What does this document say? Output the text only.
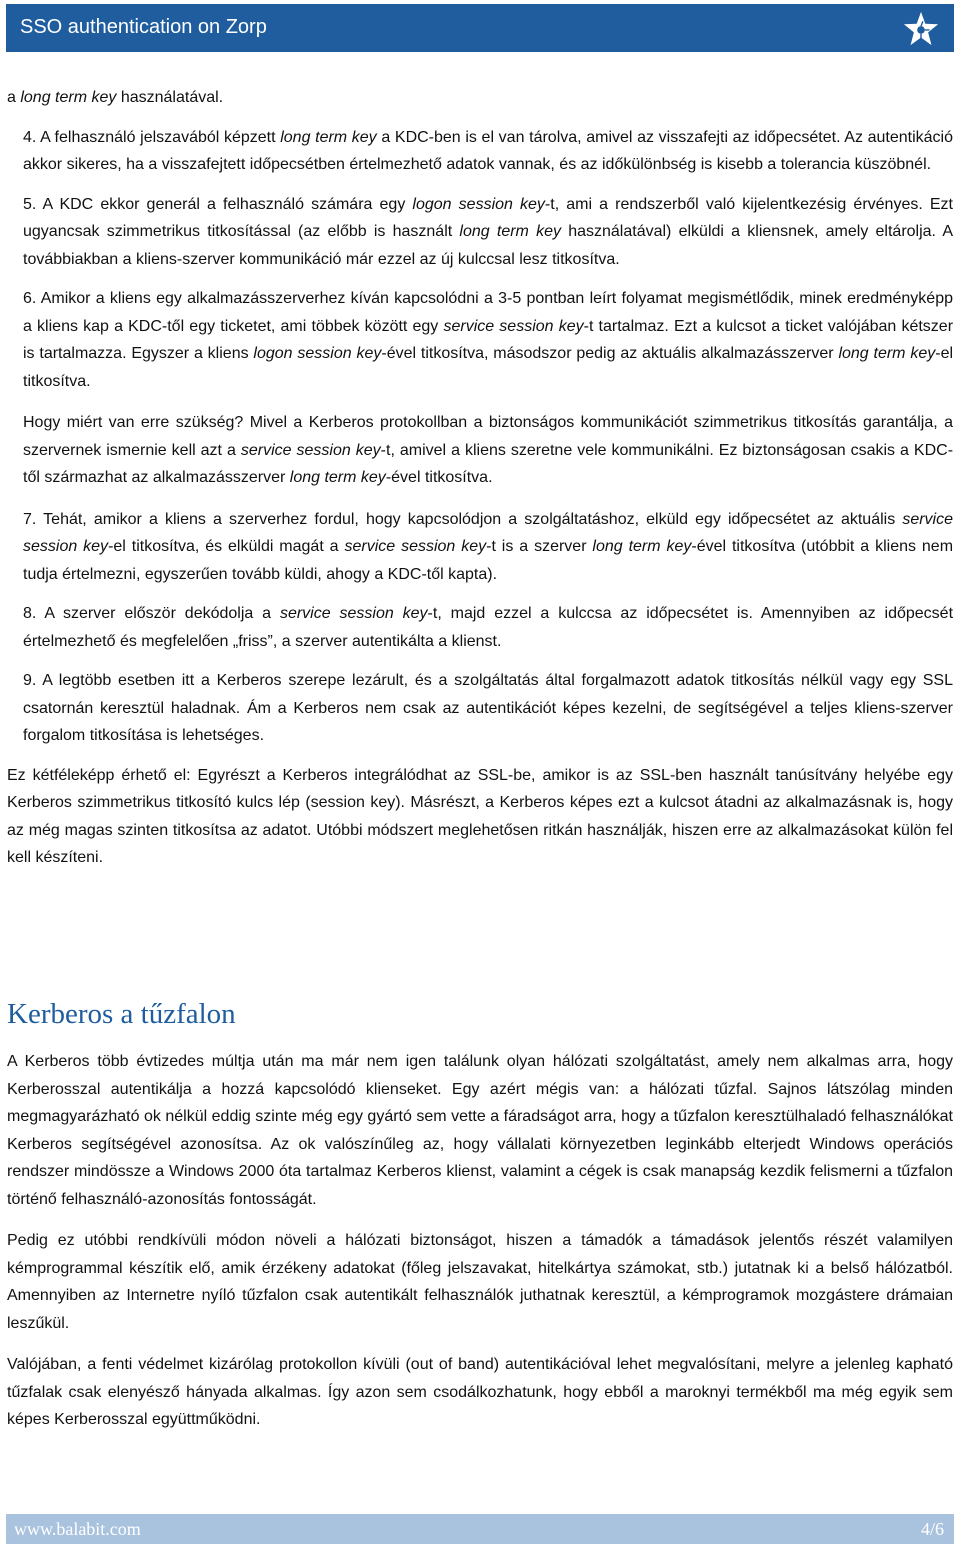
SSO authentication on Zorp

a long term key használatával.

4. A felhasználó jelszavából képzett long term key a KDC-ben is el van tárolva, amivel az visszafejti az időpecsétet. Az autentikáció akkor sikeres, ha a visszafejtett időpecsétben értelmezhető adatok vannak, és az időkülönbség is kisebb a tolerancia küszöbnél.

5. A KDC ekkor generál a felhasználó számára egy logon session key-t, ami a rendszerből való kijelentkezésig érvényes. Ezt ugyancsak szimmetrikus titkosítással (az előbb is használt long term key használatával) elküldi a kliensnek, amely eltárolja. A továbbiakban a kliens-szerver kommunikáció már ezzel az új kulccsal lesz titkosítva.

6. Amikor a kliens egy alkalmazásszerverhez kíván kapcsolódni a 3-5 pontban leírt folyamat megismétlődik, minek eredményképp a kliens kap a KDC-től egy ticketet, ami többek között egy service session key-t tartalmaz. Ezt a kulcsot a ticket valójában kétszer is tartalmazza. Egyszer a kliens logon session key-ével titkosítva, másodszor pedig az aktuális alkalmazásszerver long term key-el titkosítva.

Hogy miért van erre szükség? Mivel a Kerberos protokollban a biztonságos kommunikációt szimmetrikus titkosítás garantálja, a szervernek ismernie kell azt a service session key-t, amivel a kliens szeretne vele kommunikálni. Ez biztonságosan csakis a KDC-től származhat az alkalmazásszerver long term key-ével titkosítva.

7. Tehát, amikor a kliens a szerverhez fordul, hogy kapcsolódjon a szolgáltatáshoz, elküld egy időpecsétet az aktuális service session key-el titkosítva, és elküldi magát a service session key-t is a szerver long term key-ével titkosítva (utóbbit a kliens nem tudja értelmezni, egyszerűen tovább küldi, ahogy a KDC-től kapta).

8. A szerver először dekódolja a service session key-t, majd ezzel a kulccsa az időpecsétet is. Amennyiben az időpecsét értelmezhető és megfelelően „friss”, a szerver autentikálta a klienst.

9. A legtöbb esetben itt a Kerberos szerepe lezárult, és a szolgáltatás által forgalmazott adatok titkosítás nélkül vagy egy SSL csatornán keresztül haladnak. Ám a Kerberos nem csak az autentikációt képes kezelni, de segítségével a teljes kliens-szerver forgalom titkosítása is lehetséges.

Ez kétféleképp érhető el: Egyrészt a Kerberos integrálódhat az SSL-be, amikor is az SSL-ben használt tanúsítvány helyébe egy Kerberos szimmetrikus titkosító kulcs lép (session key). Másrészt, a Kerberos képes ezt a kulcsot átadni az alkalmazásnak is, hogy az még magas szinten titkosítsa az adatot. Utóbbi módszert meglehetősen ritkán használják, hiszen erre az alkalmazásokat külön fel kell készíteni.

Kerberos a tűzfalon

A Kerberos több évtizedes múltja után ma már nem igen találunk olyan hálózati szolgáltatást, amely nem alkalmas arra, hogy Kerberosszal autentikálja a hozzá kapcsolódó klienseket. Egy azért mégis van: a hálózati tűzfal. Sajnos látszólag minden megmagyarázható ok nélkül eddig szinte még egy gyártó sem vette a fáradságot arra, hogy a tűzfalon keresztülhaladó felhasználókat Kerberos segítségével azonosítsa. Az ok valószínűleg az, hogy vállalati környezetben leginkább elterjedt Windows operációs rendszer mindössze a Windows 2000 óta tartalmaz Kerberos klienst, valamint a cégek is csak manapság kezdik felismerni a tűzfalon történő felhasználó-azonosítás fontosságát.

Pedig ez utóbbi rendkívüli módon növeli a hálózati biztonságot, hiszen a támadók a támadások jelentős részét valamilyen kémprogrammal készítik elő, amik érzékeny adatokat (főleg jelszavakat, hitelkártya számokat, stb.) jutatnak ki a belső hálózatból. Amennyiben az Internetre nyíló tűzfalon csak autentikált felhasználók juthatnak keresztül, a kémprogramok mozgástere drámaian leszűkül.

Valójában, a fenti védelmet kizárólag protokollon kívüli (out of band) autentikációval lehet megvalósítani, melyre a jelenleg kapható tűzfalak csak elenyésző hányada alkalmas. Így azon sem csodálkozhatunk, hogy ebből a maroknyi termékből ma még egyik sem képes Kerberosszal együttműködni.

www.balabit.com	4/6
